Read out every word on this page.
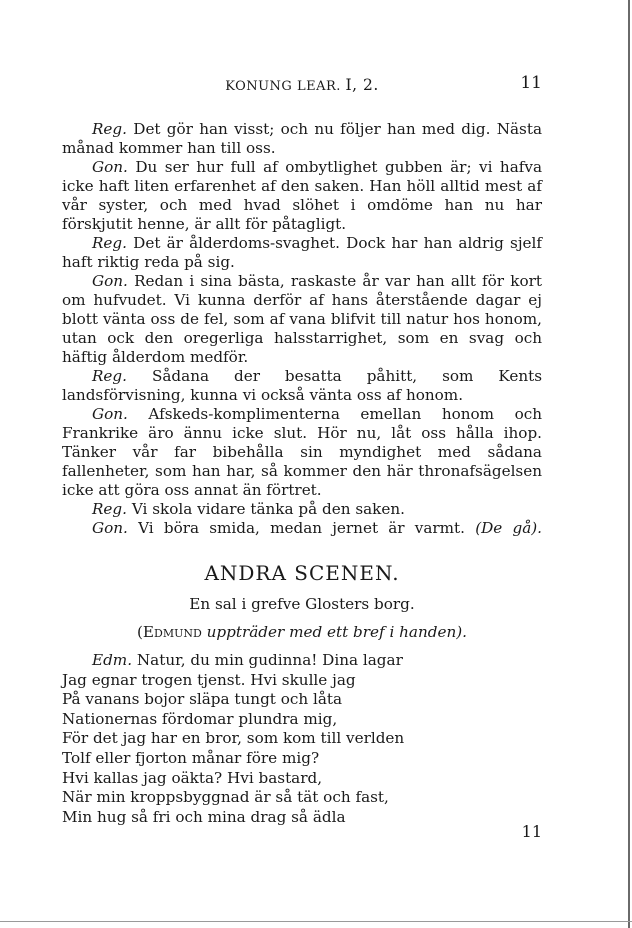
KONUNG LEAR. I, 2.	11

Reg. Det gör han visst; och nu följer han med dig. Nästa månad kommer han till oss.

Gon. Du ser hur full af ombytlighet gubben är; vi hafva icke haft liten erfarenhet af den saken. Han höll alltid mest af vår syster, och med hvad slöhet i omdöme han nu har förskjutit henne, är allt för påtagligt.

Reg. Det är ålderdoms-svaghet. Dock har han aldrig sjelf haft riktig reda på sig.

Gon. Redan i sina bästa, raskaste år var han allt för kort om hufvudet. Vi kunna derför af hans återstående dagar ej blott vänta oss de fel, som af vana blifvit till natur hos honom, utan ock den oregerliga halsstarrighet, som en svag och häftig ålderdom medför.

Reg. Sådana der besatta påhitt, som Kents landsförvisning, kunna vi också vänta oss af honom.

Gon. Afskeds-komplimenterna emellan honom och Frankrike äro ännu icke slut. Hör nu, låt oss hålla ihop. Tänker vår far bibehålla sin myndighet med sådana fallenheter, som han har, så kommer den här thronafsägelsen icke att göra oss annat än förtret.

Reg. Vi skola vidare tänka på den saken.

Gon. Vi böra smida, medan jernet är varmt. (De gå).

ANDRA SCENEN.
En sal i grefve Glosters borg.
(Edmund uppträder med ett bref i handen).
Edm. Natur, du min gudinna! Dina lagar
Jag egnar trogen tjenst. Hvi skulle jag
På vanans bojor släpa tungt och låta
Nationernas fördomar plundra mig,
För det jag har en bror, som kom till verlden
Tolf eller fjorton månar före mig?
Hvi kallas jag oäkta? Hvi bastard,
När min kroppsbyggnad är så tät och fast,
Min hug så fri och mina drag så ädla
11
